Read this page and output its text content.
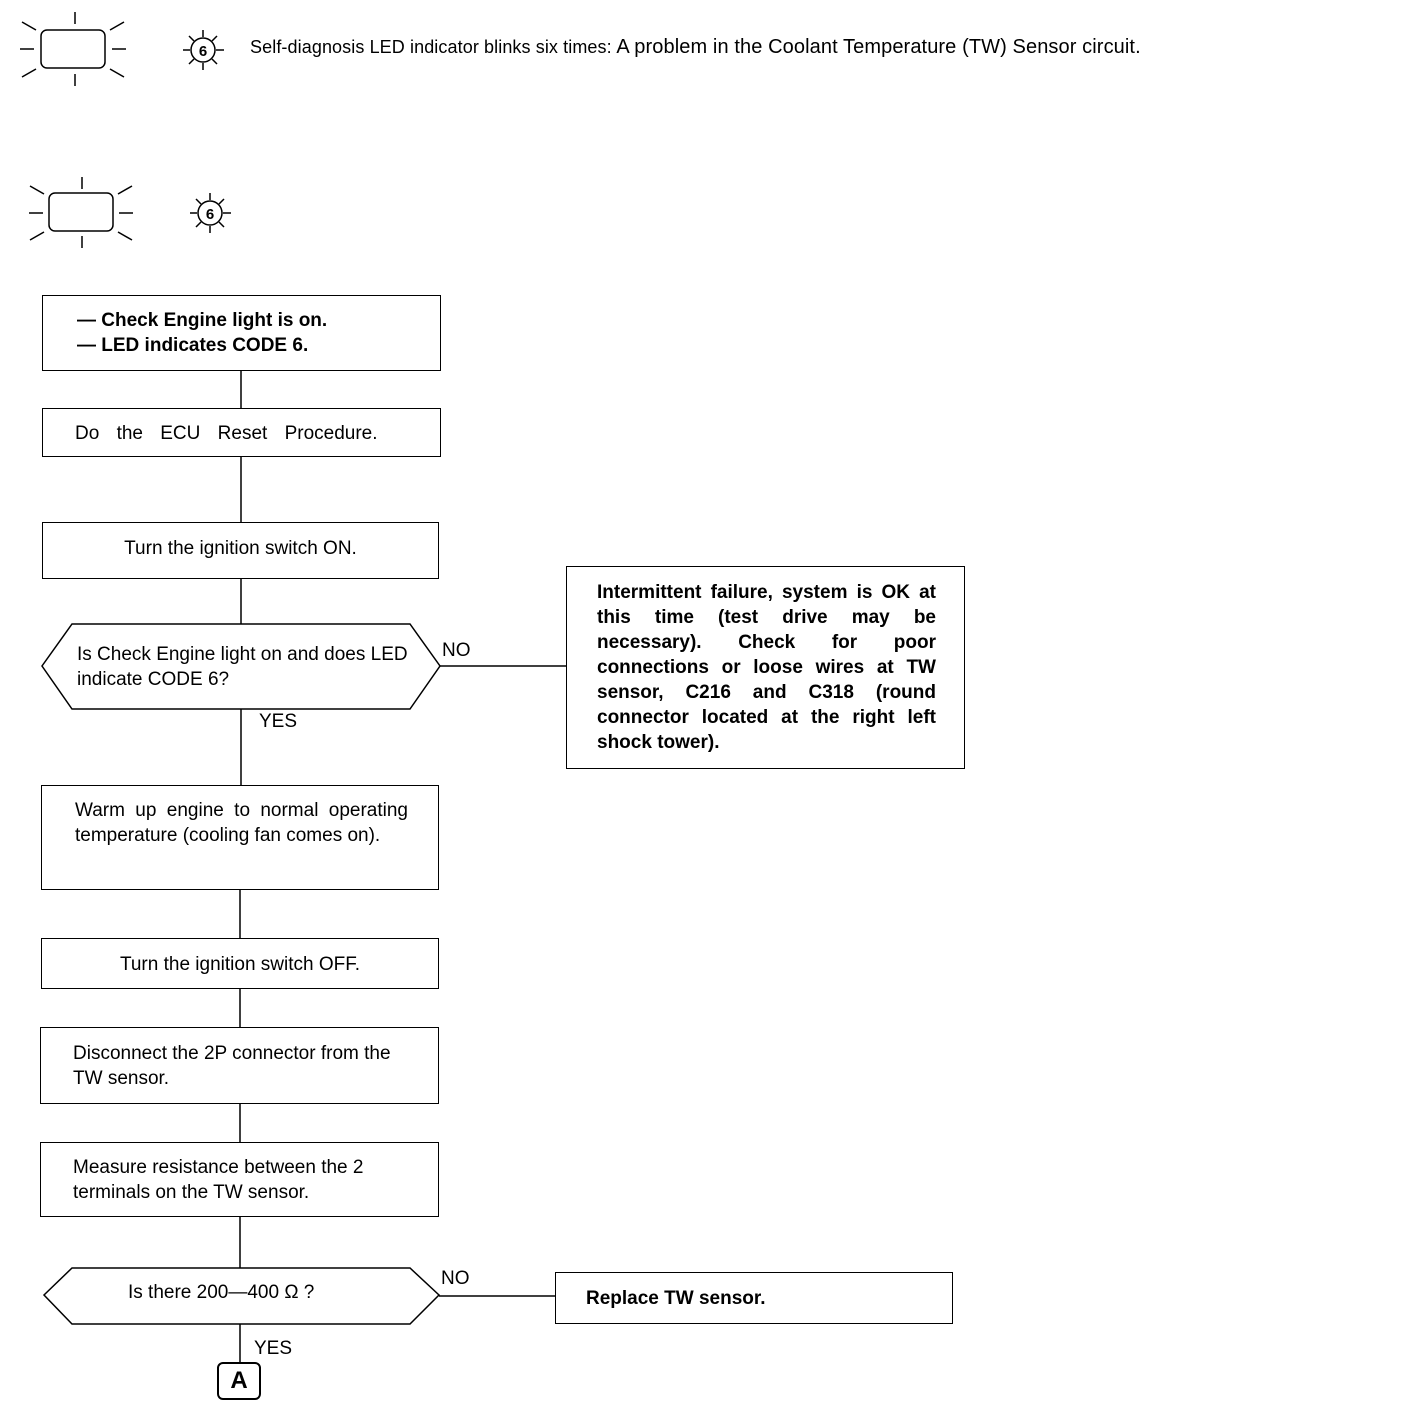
6
6
Self-diagnosis LED indicator blinks six times: A problem in the Coolant Temperature (TW) Sensor circuit.
— Check Engine light is on.
— LED indicates CODE 6.
Do the ECU Reset Procedure.
Turn the ignition switch ON.
Is Check Engine light on and does LED indicate CODE 6?
NO
YES
Intermittent failure, system is OK at this time (test drive may be necessary). Check for poor connections or loose wires at TW sensor, C216 and C318 (round connector located at the right left shock tower).
Warm up engine to normal operating temperature (cooling fan comes on).
Turn the ignition switch OFF.
Disconnect the 2P connector from the TW sensor.
Measure resistance between the 2 terminals on the TW sensor.
Is there 200—400 Ω ?
NO
YES
Replace TW sensor.
A
